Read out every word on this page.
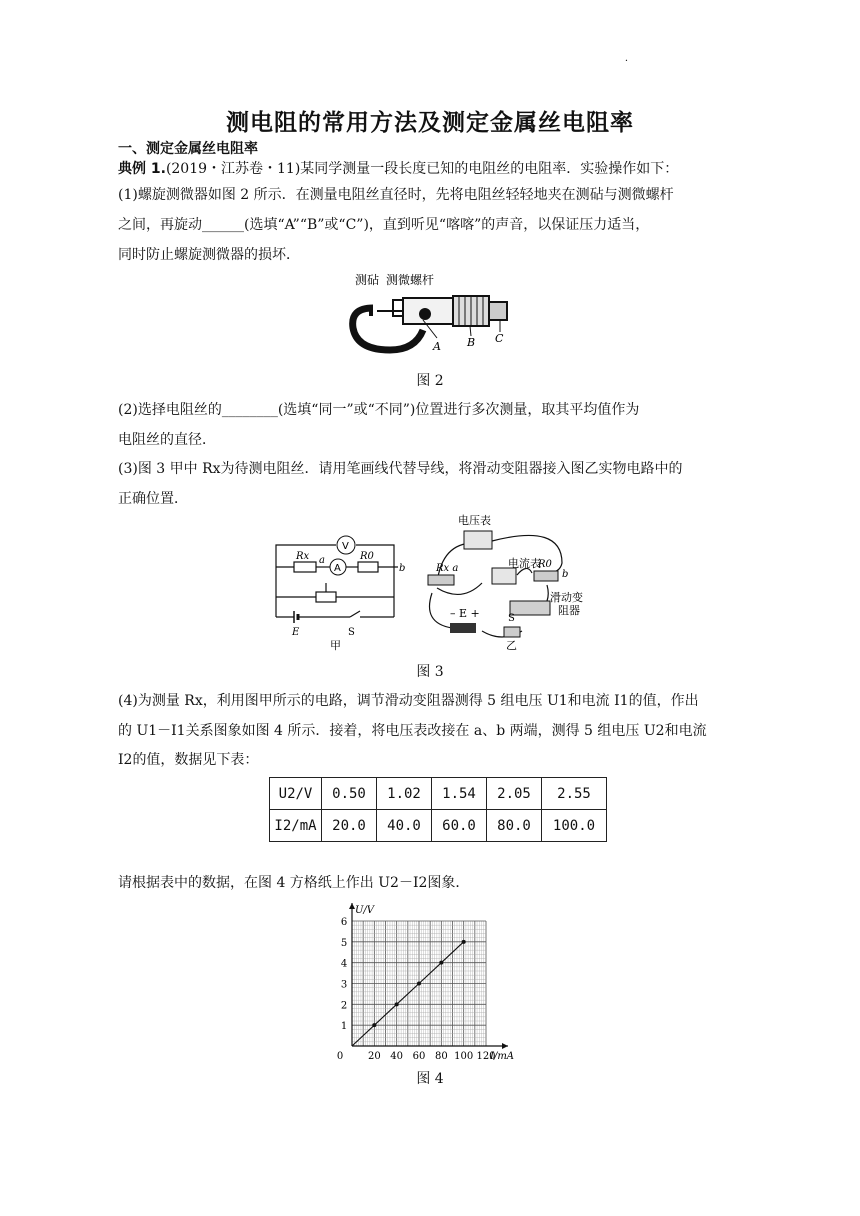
·
测电阻的常用方法及测定金属丝电阻率
一、测定金属丝电阻率
典例 1.(2019・江苏卷・11)某同学测量一段长度已知的电阻丝的电阻率．实验操作如下：
(1)螺旋测微器如图 2 所示．在测量电阻丝直径时，先将电阻丝轻轻地夹在测砧与测微螺杆
之间，再旋动______(选填“A”“B”或“C”)，直到听见“喀喀”的声音，以保证压力适当，
同时防止螺旋测微器的损坏．
测砧 测微螺杆
A B C
图 2
(2)选择电阻丝的________(选填“同一”或“不同”)位置进行多次测量，取其平均值作为
电阻丝的直径．
(3)图 3 甲中 Rx为待测电阻丝．请用笔画线代替导线，将滑动变阻器接入图乙实物电路中的
正确位置．
V
Rx a
A
R0
b
E	S
甲
电压表
电流表
Rx a	R0
b
滑动变
阻器
– E +	S
乙
图 3
(4)为测量 Rx，利用图甲所示的电路，调节滑动变阻器测得 5 组电压 U1和电流 I1的值，作出
的 U1－I1关系图象如图 4 所示．接着，将电压表改接在 a、b 两端，测得 5 组电压 U2和电流
I2的值，数据见下表：
U2/V	0.50	1.02	1.54	2.05	2.55
I2/mA	20.0	40.0	60.0	80.0	100.0
请根据表中的数据，在图 4 方格纸上作出 U2－I2图象．
0 20 40 60 80 100 120
1
2
3
4
5
6
I/mA
U/V
图 4
